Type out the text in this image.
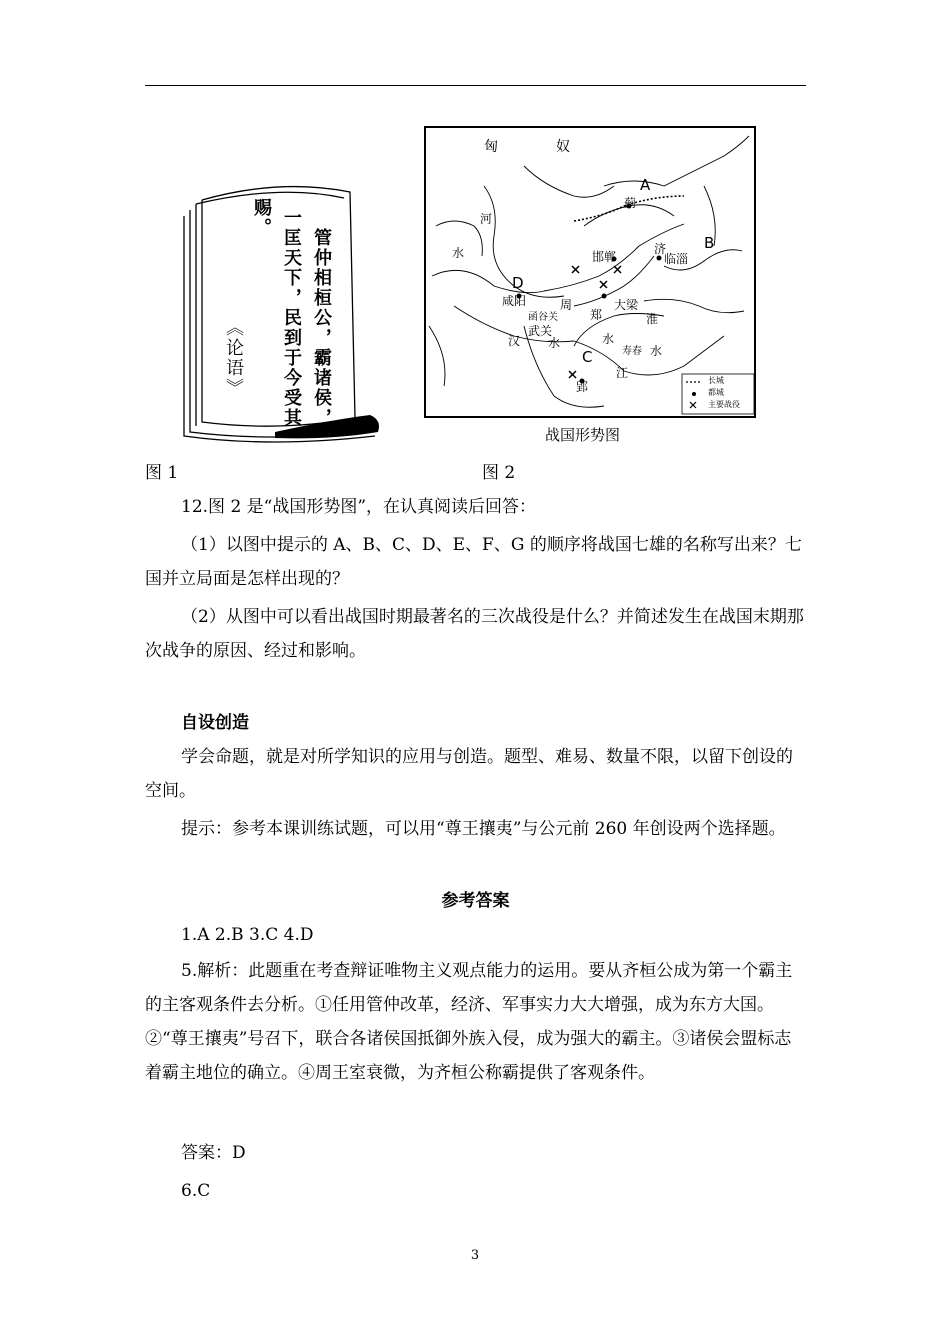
管仲相桓公，霸诸侯，
一匡天下，民到于今受其
赐。
《论语》
匈	奴
A
蓟
B
济
邯郸	临淄
河
水
D
咸阳	周	大梁
函谷关	郑	淮
武关
汉 水	水
C	寿春 水
江
郢	长城
都城
主要战役
战国形势图
图 1	图 2

12.图 2 是“战国形势图”，在认真阅读后回答：

（1）以图中提示的 A、B、C、D、E、F、G 的顺序将战国七雄的名称写出来？七国并立局面是怎样出现的？

（2）从图中可以看出战国时期最著名的三次战役是什么？并简述发生在战国末期那次战争的原因、经过和影响。

自设创造

学会命题，就是对所学知识的应用与创造。题型、难易、数量不限，以留下创设的空间。

提示：参考本课训练试题，可以用“尊王攘夷”与公元前 260 年创设两个选择题。

参考答案

1.A 2.B 3.C 4.D

5.解析：此题重在考查辩证唯物主义观点能力的运用。要从齐桓公成为第一个霸主的主客观条件去分析。①任用管仲改革，经济、军事实力大大增强，成为东方大国。②“尊王攘夷”号召下，联合各诸侯国抵御外族入侵，成为强大的霸主。③诸侯会盟标志着霸主地位的确立。④周王室衰微，为齐桓公称霸提供了客观条件。

答案：D

6.C

3
